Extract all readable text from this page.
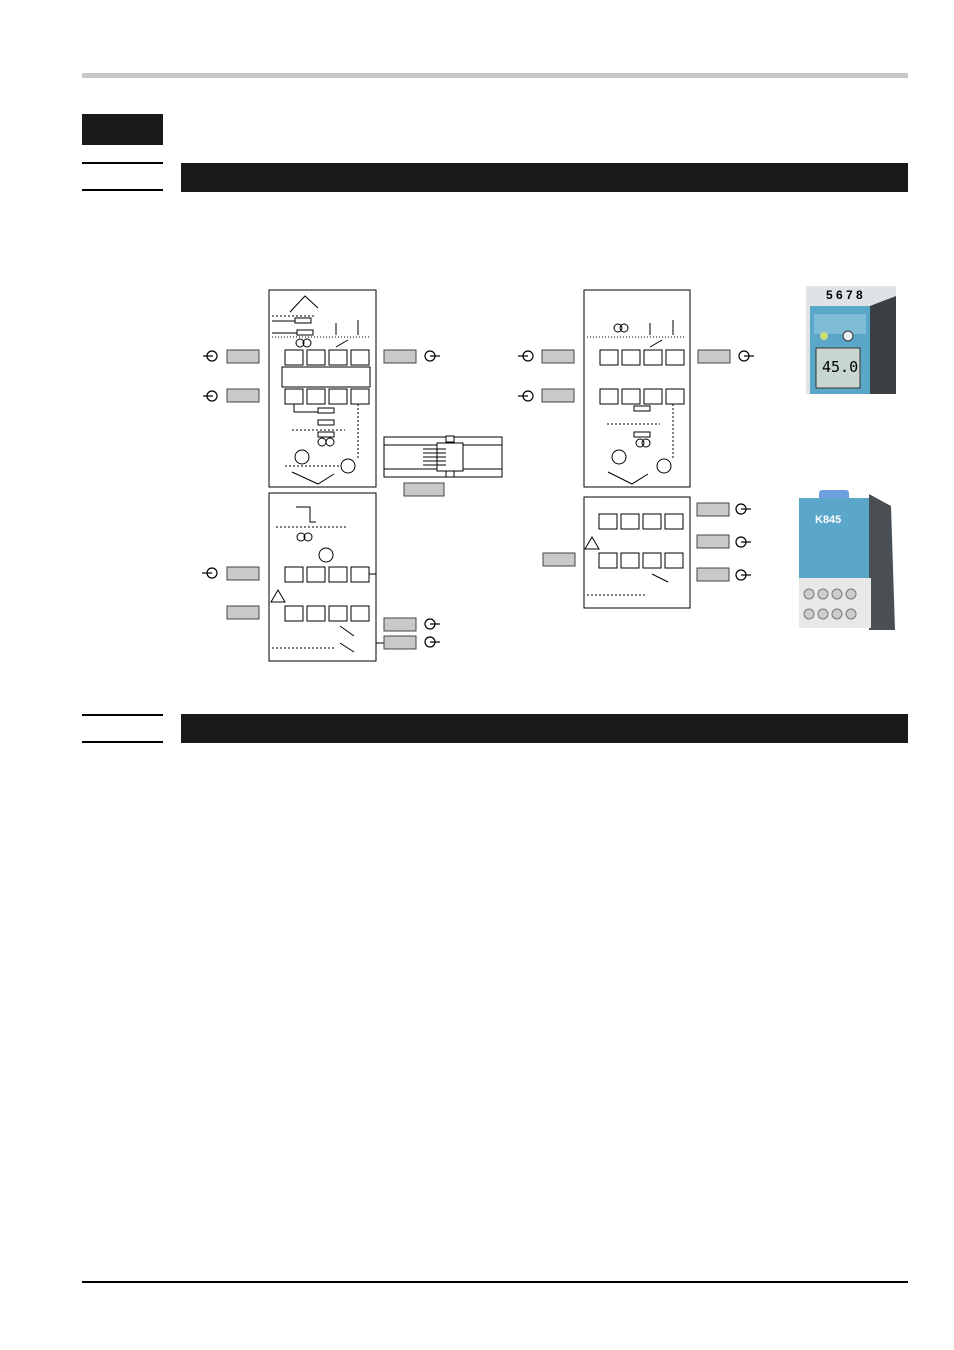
5 6 7 8
45.0
K845
